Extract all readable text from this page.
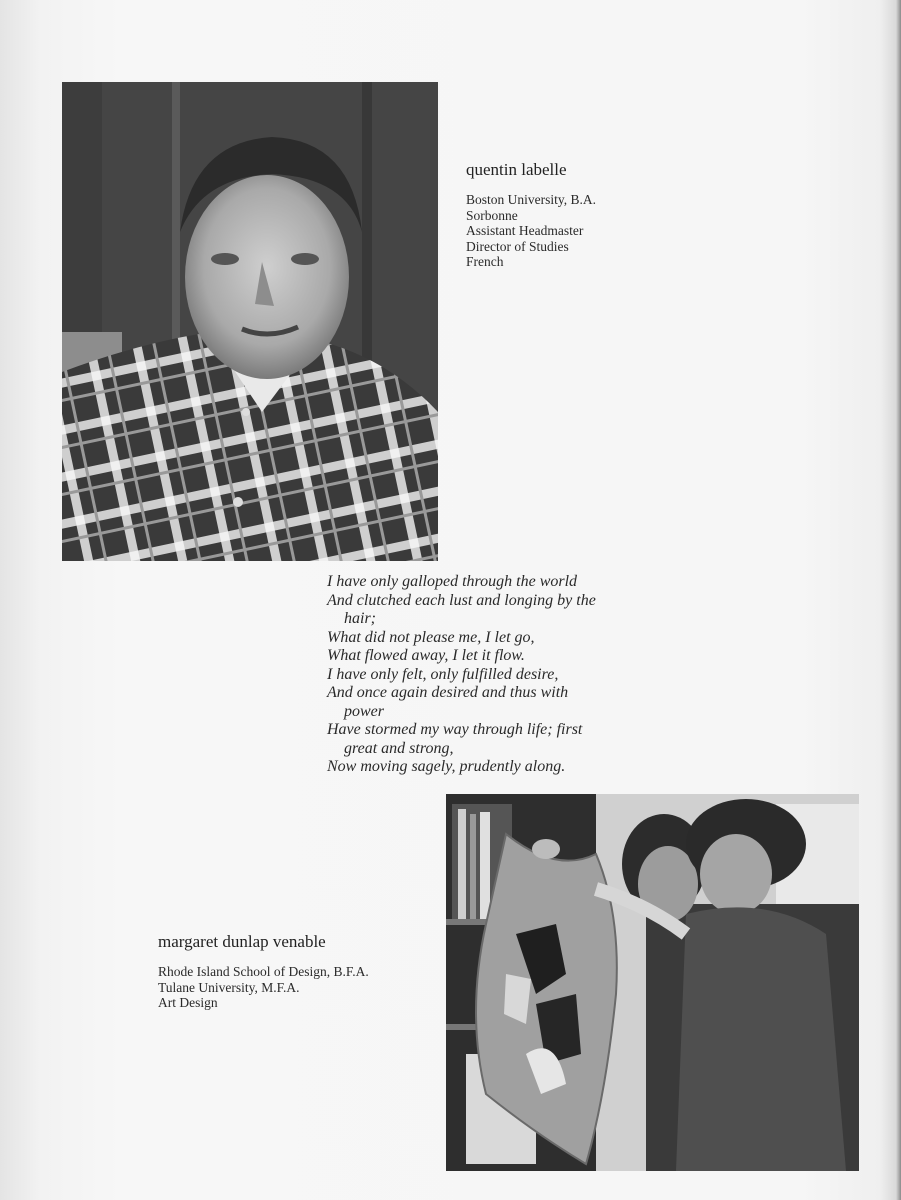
quentin labelle
Boston University, B.A.
Sorbonne
Assistant Headmaster
Director of Studies
French
I have only galloped through the world
And clutched each lust and longing by the
hair;
What did not please me, I let go,
What flowed away, I let it flow.
I have only felt, only fulfilled desire,
And once again desired and thus with
power
Have stormed my way through life; first
great and strong,
Now moving sagely, prudently along.
margaret dunlap venable
Rhode Island School of Design, B.F.A.
Tulane University, M.F.A.
Art Design
